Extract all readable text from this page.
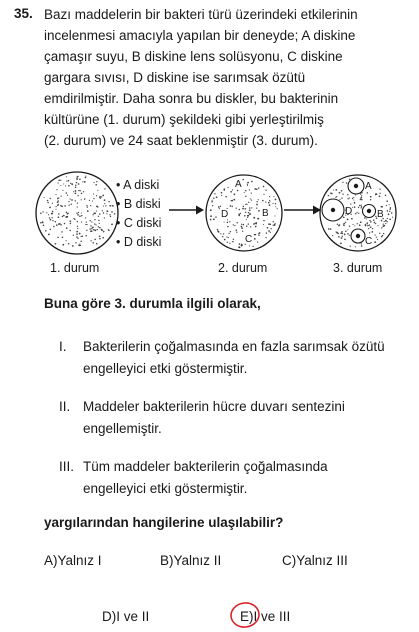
35. Bazı maddelerin bir bakteri türü üzerindeki etkilerinin
incelenmesi amacıyla yapılan bir deneyde; A diskine
çamaşır suyu, B diskine lens solüsyonu, C diskine
gargara sıvısı, D diskine ise sarımsak özütü
emdirilmiştir. Daha sonra bu diskler, bu bakterinin
kültürüne (1. durum) şekildeki gibi yerleştirilmiş
(2. durum) ve 24 saat beklenmiştir (3. durum).
• A diski
• B diski
• C diski
• D diski
A
B
C
D
A
B
C
D
1. durum	2. durum	3. durum
Buna göre 3. durumla ilgili olarak,
I. Bakterilerin çoğalmasında en fazla sarımsak özütü
engelleyici etki göstermiştir.
II. Maddeler bakterilerin hücre duvarı sentezini
engellemiştir.
III. Tüm maddeler bakterilerin çoğalmasında
engelleyici etki göstermiştir.
yargılarından hangilerine ulaşılabilir?
A)Yalnız I	B)Yalnız II	C)Yalnız III
D)I ve II	E)I ve III
